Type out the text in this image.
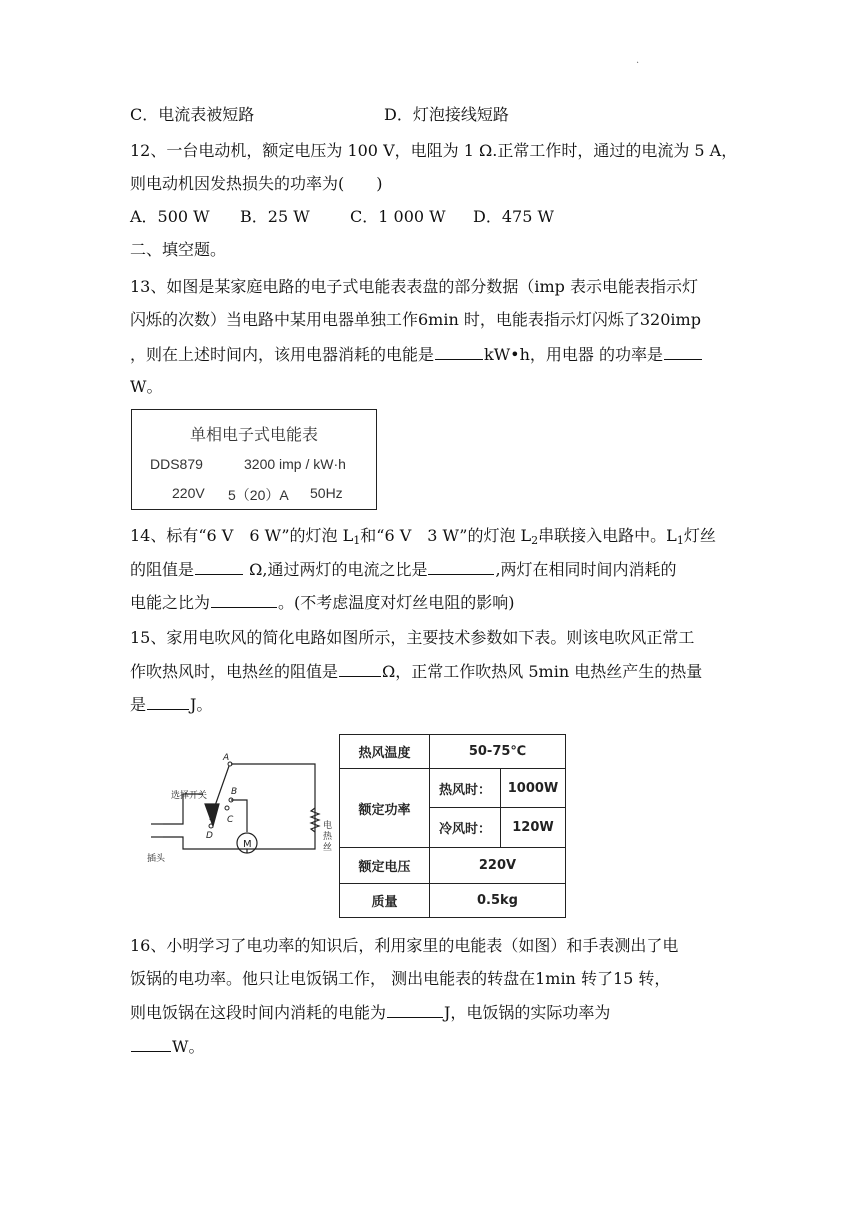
·
C．电流表被短路	D．灯泡接线短路
12、一台电动机，额定电压为 100 V，电阻为 1 Ω.正常工作时，通过的电流为 5 A，
则电动机因发热损失的功率为(　　)
A．500 W B．25 W	C．1 000 W D．475 W
二、填空题。
13、如图是某家庭电路的电子式电能表表盘的部分数据（imp 表示电能表指示灯
闪烁的次数）当电路中某用电器单独工作6min 时，电能表指示灯闪烁了320imp
，则在上述时间内，该用电器消耗的电能是	kW•h，用电器 的功率是
W。
单相电子式电能表
DDS879	3200 imp / kW·h
220V 5（20）A 50Hz
14、标有“6 V　6 W”的灯泡 $L_1$和“6 V　3 W”的灯泡 $L_2$串联接入电路中。$L_1$灯丝
的阻值是	Ω,通过两灯的电流之比是	,两灯在相同时间内消耗的
电能之比为	。(不考虑温度对灯丝电阻的影响)
15、家用电吹风的简化电路如图所示，主要技术参数如下表。则该电吹风正常工
作吹热风时，电热丝的阻值是	Ω，正常工作吹热风 5min 电热丝产生的热量
是	J。
A
B
C
D
选择开关
插头
M
电
热
丝
热风温度	50-75℃	
额定功率	热风时：	1000W
	冷风时：	120W
额定电压	220V	
质量	0.5kg	
16、小明学习了电功率的知识后，利用家里的电能表（如图）和手表测出了电
饭锅的电功率。他只让电饭锅工作， 测出电能表的转盘在1min 转了15 转，
则电饭锅在这段时间内消耗的电能为	J，电饭锅的实际功率为
W。
